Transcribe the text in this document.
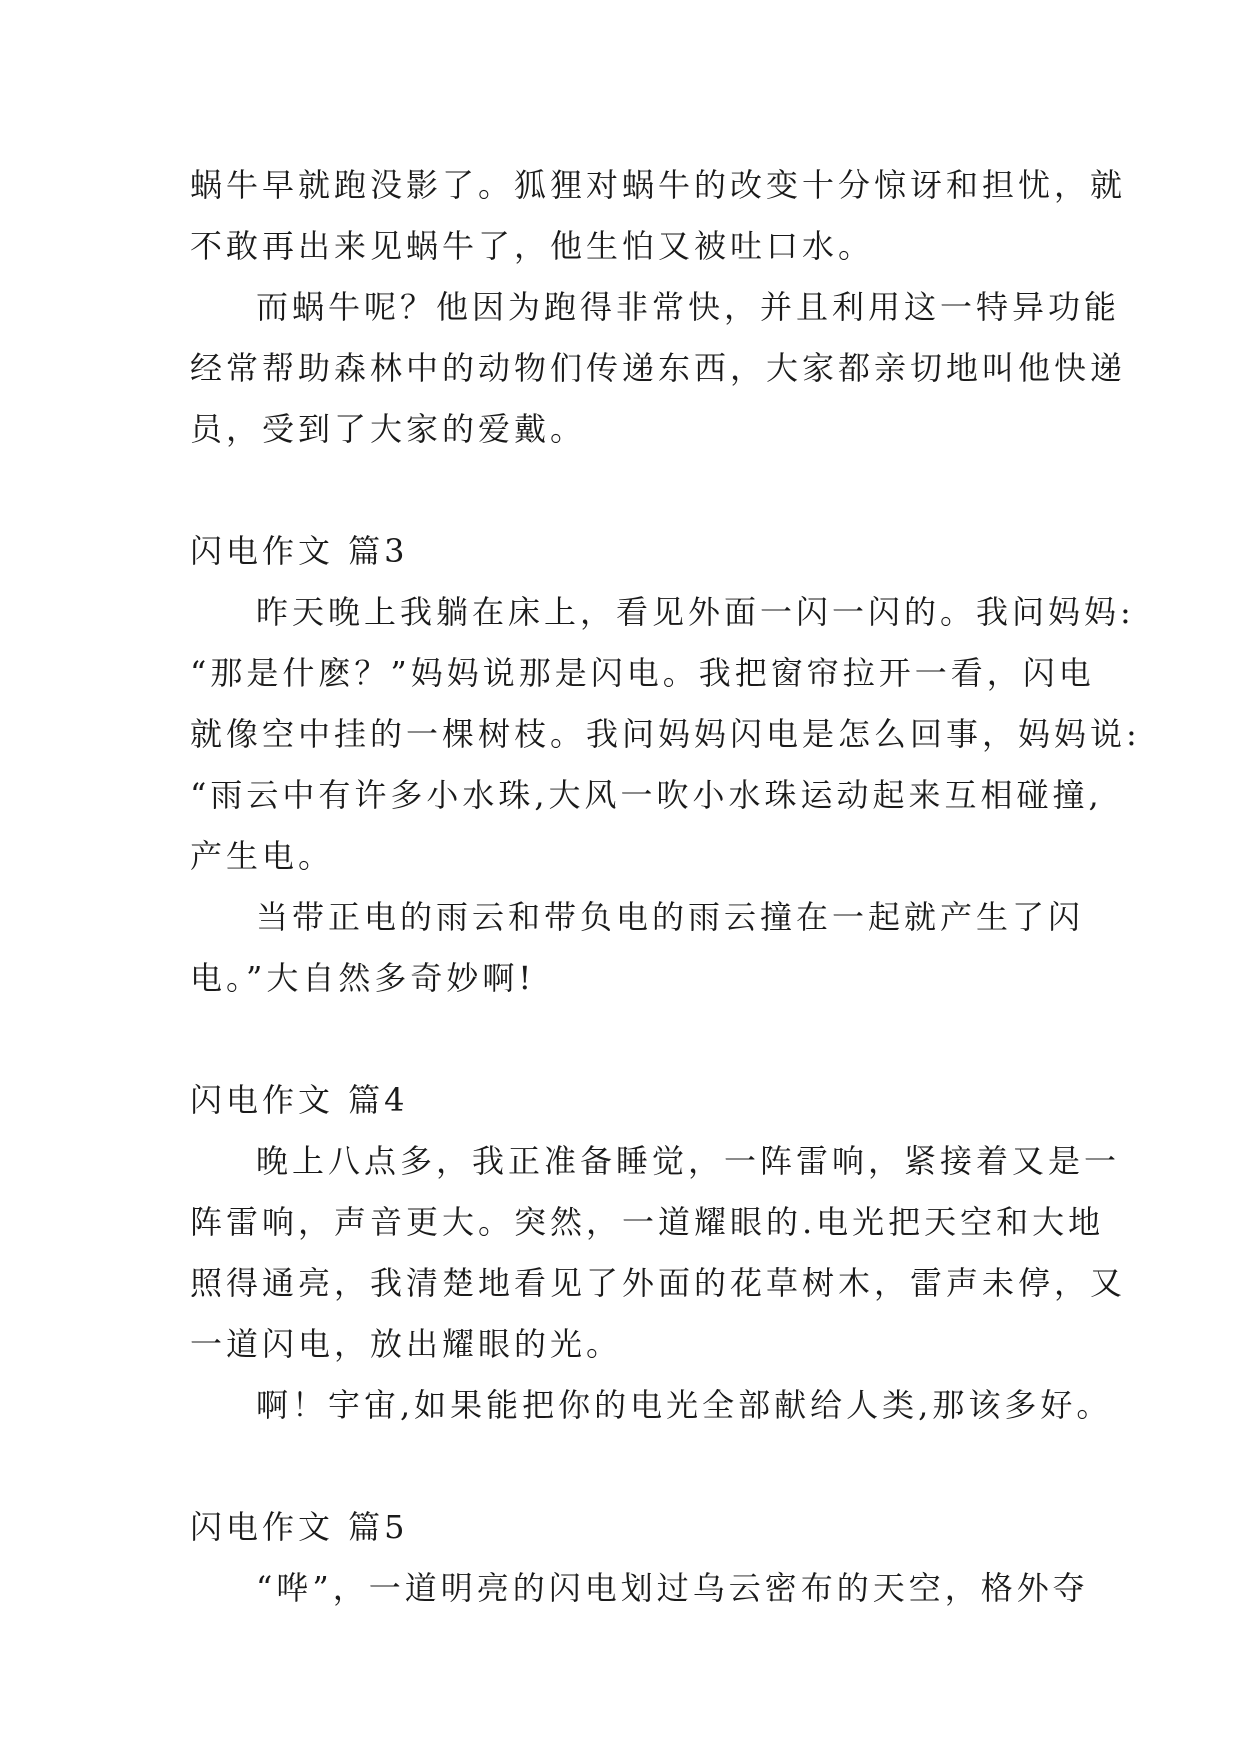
蜗牛早就跑没影了。狐狸对蜗牛的改变十分惊讶和担忧，就

不敢再出来见蜗牛了，他生怕又被吐口水。

而蜗牛呢？他因为跑得非常快，并且利用这一特异功能

经常帮助森林中的动物们传递东西，大家都亲切地叫他快递

员，受到了大家的爱戴。

闪电作文 篇3

昨天晚上我躺在床上，看见外面一闪一闪的。我问妈妈:

“那是什麽？”妈妈说那是闪电。我把窗帘拉开一看，闪电

就像空中挂的一棵树枝。我问妈妈闪电是怎么回事，妈妈说:

“雨云中有许多小水珠,大风一吹小水珠运动起来互相碰撞,

产生电。

当带正电的雨云和带负电的雨云撞在一起就产生了闪

电。”大自然多奇妙啊!

闪电作文 篇4

晚上八点多，我正准备睡觉，一阵雷响，紧接着又是一

阵雷响，声音更大。突然，一道耀眼的.电光把天空和大地

照得通亮，我清楚地看见了外面的花草树木，雷声未停，又

一道闪电，放出耀眼的光。

啊！宇宙,如果能把你的电光全部献给人类,那该多好。

闪电作文 篇5

“哗”，一道明亮的闪电划过乌云密布的天空，格外夺
